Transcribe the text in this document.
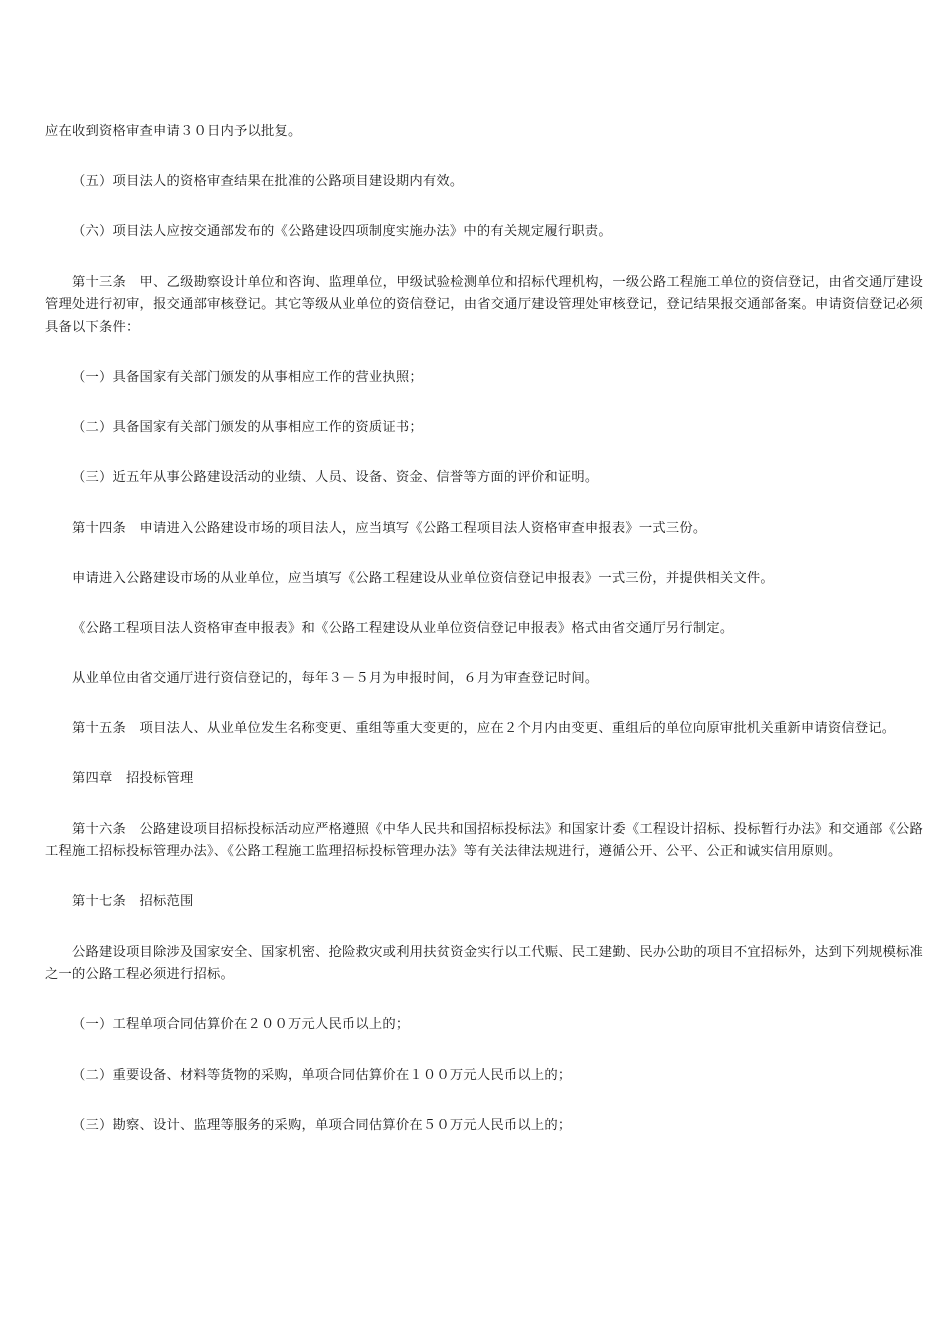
应在收到资格审查申请３０日内予以批复。

（五）项目法人的资格审查结果在批准的公路项目建设期内有效。

（六）项目法人应按交通部发布的《公路建设四项制度实施办法》中的有关规定履行职责。

第十三条　甲、乙级勘察设计单位和咨询、监理单位，甲级试验检测单位和招标代理机构，一级公路工程施工单位的资信登记，由省交通厅建设管理处进行初审，报交通部审核登记。其它等级从业单位的资信登记，由省交通厅建设管理处审核登记，登记结果报交通部备案。申请资信登记必须具备以下条件：

（一）具备国家有关部门颁发的从事相应工作的营业执照；

（二）具备国家有关部门颁发的从事相应工作的资质证书；

（三）近五年从事公路建设活动的业绩、人员、设备、资金、信誉等方面的评价和证明。

第十四条　申请进入公路建设市场的项目法人，应当填写《公路工程项目法人资格审查申报表》一式三份。

申请进入公路建设市场的从业单位，应当填写《公路工程建设从业单位资信登记申报表》一式三份，并提供相关文件。

《公路工程项目法人资格审查申报表》和《公路工程建设从业单位资信登记申报表》格式由省交通厅另行制定。

从业单位由省交通厅进行资信登记的，每年３－５月为申报时间，６月为审查登记时间。

第十五条　项目法人、从业单位发生名称变更、重组等重大变更的，应在２个月内由变更、重组后的单位向原审批机关重新申请资信登记。

第四章　招投标管理

第十六条　公路建设项目招标投标活动应严格遵照《中华人民共和国招标投标法》和国家计委《工程设计招标、投标暂行办法》和交通部《公路工程施工招标投标管理办法》、《公路工程施工监理招标投标管理办法》等有关法律法规进行，遵循公开、公平、公正和诚实信用原则。

第十七条　招标范围

公路建设项目除涉及国家安全、国家机密、抢险救灾或利用扶贫资金实行以工代赈、民工建勤、民办公助的项目不宜招标外，达到下列规模标准之一的公路工程必须进行招标。

（一）工程单项合同估算价在２００万元人民币以上的；

（二）重要设备、材料等货物的采购，单项合同估算价在１００万元人民币以上的；

（三）勘察、设计、监理等服务的采购，单项合同估算价在５０万元人民币以上的；
